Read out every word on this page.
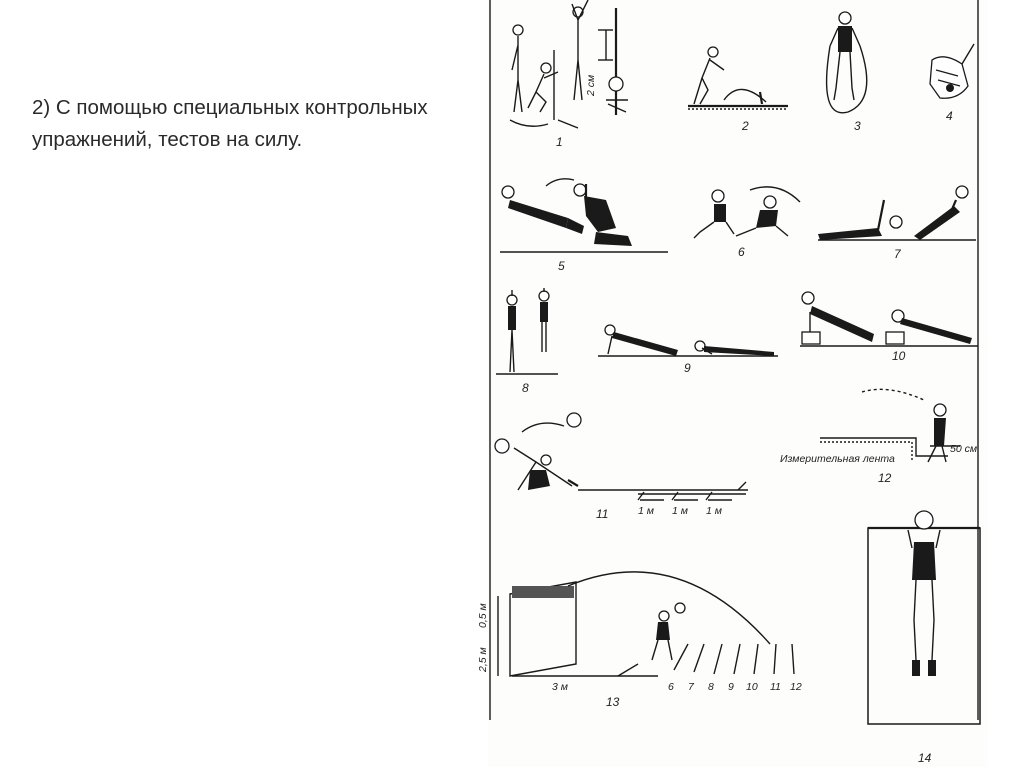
2) С помощью специальных контрольных упражнений, тестов на силу.	1
2 см
2	3
4
5
6	7
8
9
10
11	1 м 1 м 1 м
Измерительная лента
50 см
12
0,5 м
2,5 м
3 м	6 7 8 9 10 11 12
13
14
